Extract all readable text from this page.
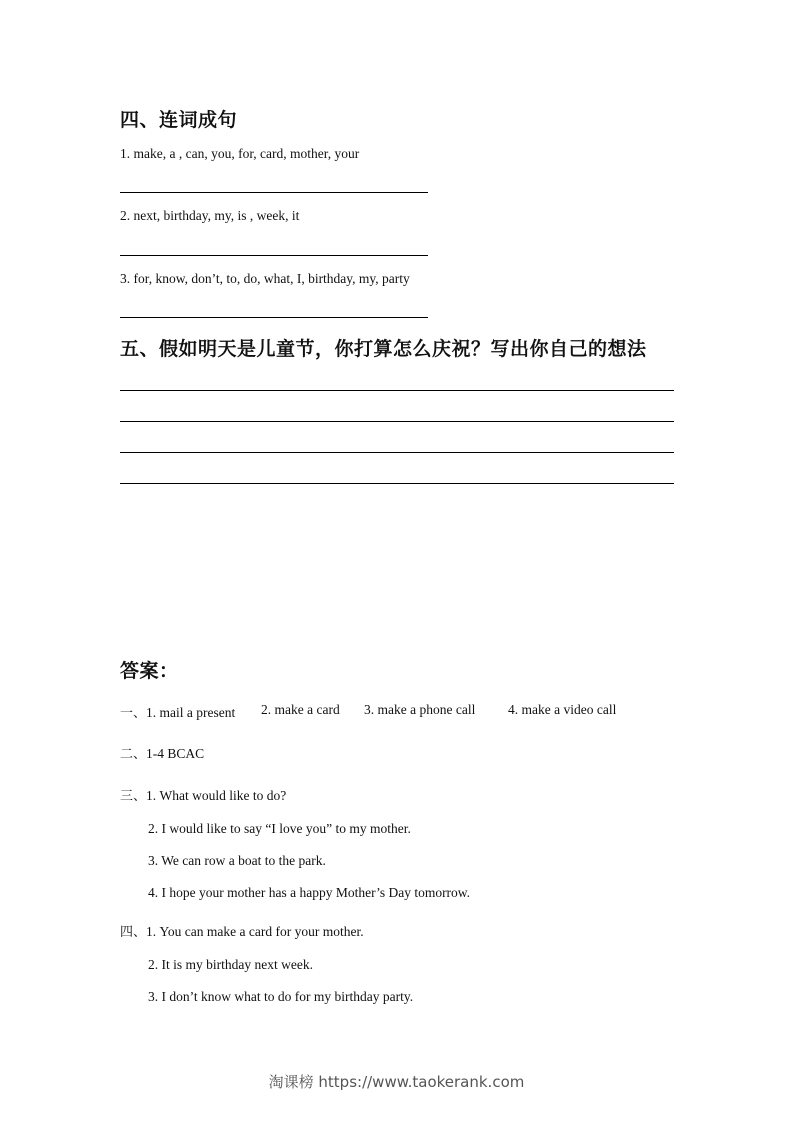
四、连词成句
1. make, a , can, you, for, card, mother, your
2. next, birthday, my, is , week, it
3. for, know, don’t, to, do, what, I, birthday, my, party
五、假如明天是儿童节，你打算怎么庆祝？写出你自己的想法
答案：
一、1. mail a present 2. make a card 3. make a phone call 4. make a video call
二、1-4 BCAC
三、1. What would like to do?
2. I would like to say “I love you” to my mother.
3. We can row a boat to the park.
4. I hope your mother has a happy Mother’s Day tomorrow.
四、1. You can make a card for your mother.
2. It is my birthday next week.
3. I don’t know what to do for my birthday party.
淘课榜 https://www.taokerank.com
